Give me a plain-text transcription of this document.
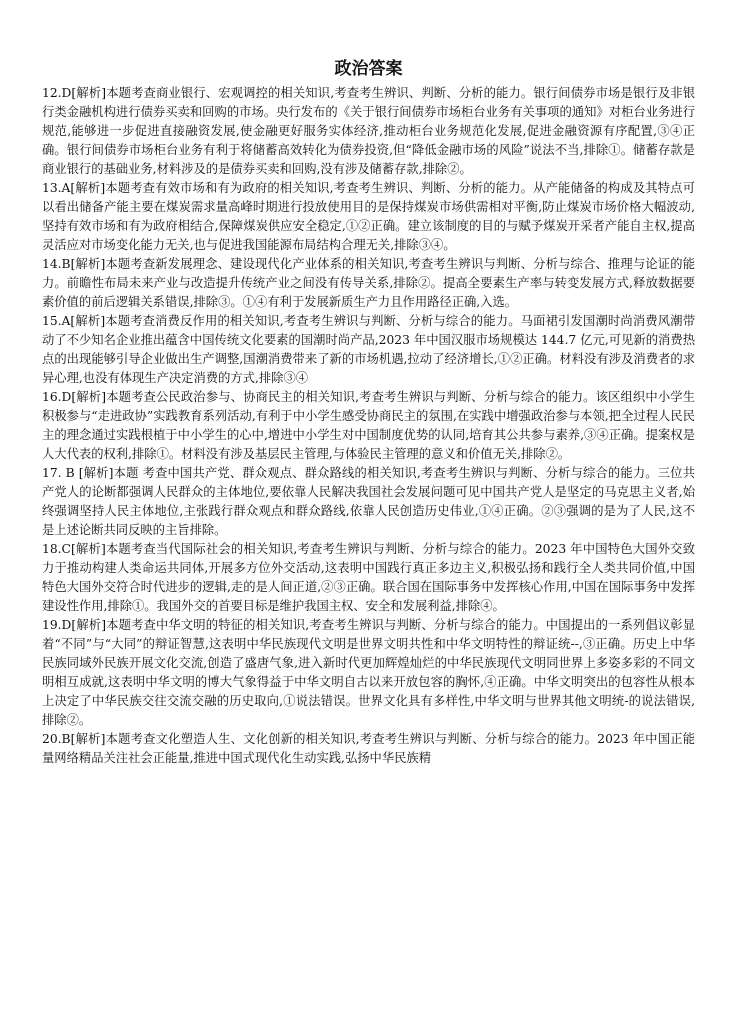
政治答案

12.D[解析]本题考查商业银行、宏观调控的相关知识,考查考生辨识、判断、分析的能力。银行间债券市场是银行及非银行类金融机构进行债券买卖和回购的市场。央行发布的《关于银行间债券市场柜台业务有关事项的通知》对柜台业务进行规范,能够进一步促进直接融资发展,使金融更好服务实体经济,推动柜台业务规范化发展,促进金融资源有序配置,③④正确。银行间债券市场柜台业务有利于将储蓄高效转化为债券投资,但“降低金融市场的风险”说法不当,排除①。储蓄存款是商业银行的基础业务,材料涉及的是债券买卖和回购,没有涉及储蓄存款,排除②。

13.A[解析]本题考查有效市场和有为政府的相关知识,考查考生辨识、判断、分析的能力。从产能储备的构成及其特点可以看出储备产能主要在煤炭需求量高峰时期进行投放使用目的是保持煤炭市场供需相对平衡,防止煤炭市场价格大幅波动,坚持有效市场和有为政府相结合,保障煤炭供应安全稳定,①②正确。建立该制度的目的与赋予煤炭开采者产能自主权,提高灵活应对市场变化能力无关,也与促进我国能源布局结构合理无关,排除③④。

14.B[解析]本题考查新发展理念、建设现代化产业体系的相关知识,考查考生辨识与判断、分析与综合、推理与论证的能力。前瞻性布局未来产业与改造提升传统产业之间没有传导关系,排除②。提高全要素生产率与转变发展方式,释放数据要素价值的前后逻辑关系错误,排除③。①④有利于发展新质生产力且作用路径正确,入选。

15.A[解析]本题考查消费反作用的相关知识,考查考生辨识与判断、分析与综合的能力。马面裙引发国潮时尚消费风潮带动了不少知名企业推出蕴含中国传统文化要素的国潮时尚产品,2023 年中国汉服市场规模达 144.7 亿元,可见新的消费热点的出现能够引导企业做出生产调整,国潮消费带来了新的市场机遇,拉动了经济增长,①②正确。材料没有涉及消费者的求异心理,也没有体现生产决定消费的方式,排除③④

16.D[解析]本题考查公民政治参与、协商民主的相关知识,考查考生辨识与判断、分析与综合的能力。该区组织中小学生积极参与“走进政协”实践教育系列活动,有利于中小学生感受协商民主的氛围,在实践中增强政治参与本领,把全过程人民民主的理念通过实践根植于中小学生的心中,增进中小学生对中国制度优势的认同,培育其公共参与素养,③④正确。提案权是人大代表的权利,排除①。材料没有涉及基层民主管理,与体验民主管理的意义和价值无关,排除②。

17. B [解析]本题 考查中国共产党、群众观点、群众路线的相关知识,考查考生辨识与判断、分析与综合的能力。三位共产党人的论断都强调人民群众的主体地位,要依靠人民解决我国社会发展问题可见中国共产党人是坚定的马克思主义者,始终强调坚持人民主体地位,主张践行群众观点和群众路线,依靠人民创造历史伟业,①④正确。②③强调的是为了人民,这不是上述论断共同反映的主旨排除。

18.C[解析]本题考查当代国际社会的相关知识,考查考生辨识与判断、分析与综合的能力。2023 年中国特色大国外交致力于推动构建人类命运共同体,开展多方位外交活动,这表明中国践行真正多边主义,积极弘扬和践行全人类共同价值,中国特色大国外交符合时代进步的逻辑,走的是人间正道,②③正确。联合国在国际事务中发挥核心作用,中国在国际事务中发挥建设性作用,排除①。我国外交的首要目标是维护我国主权、安全和发展利益,排除④。

19.D[解析]本题考查中华文明的特征的相关知识,考查考生辨识与判断、分析与综合的能力。中国提出的一系列倡议彰显着“不同”与“大同”的辩证智慧,这表明中华民族现代文明是世界文明共性和中华文明特性的辩证统--,③正确。历史上中华民族同域外民族开展文化交流,创造了盛唐气象,进入新时代更加辉煌灿烂的中华民族现代文明同世界上多姿多彩的不同文明相互成就,这表明中华文明的博大气象得益于中华文明自古以来开放包容的胸怀,④正确。中华文明突出的包容性从根本上决定了中华民族交往交流交融的历史取向,①说法错误。世界文化具有多样性,中华文明与世界其他文明统-的说法错误,排除②。

20.B[解析]本题考查文化塑造人生、文化创新的相关知识,考查考生辨识与判断、分析与综合的能力。2023 年中国正能量网络精品关注社会正能量,推进中国式现代化生动实践,弘扬中华民族精
